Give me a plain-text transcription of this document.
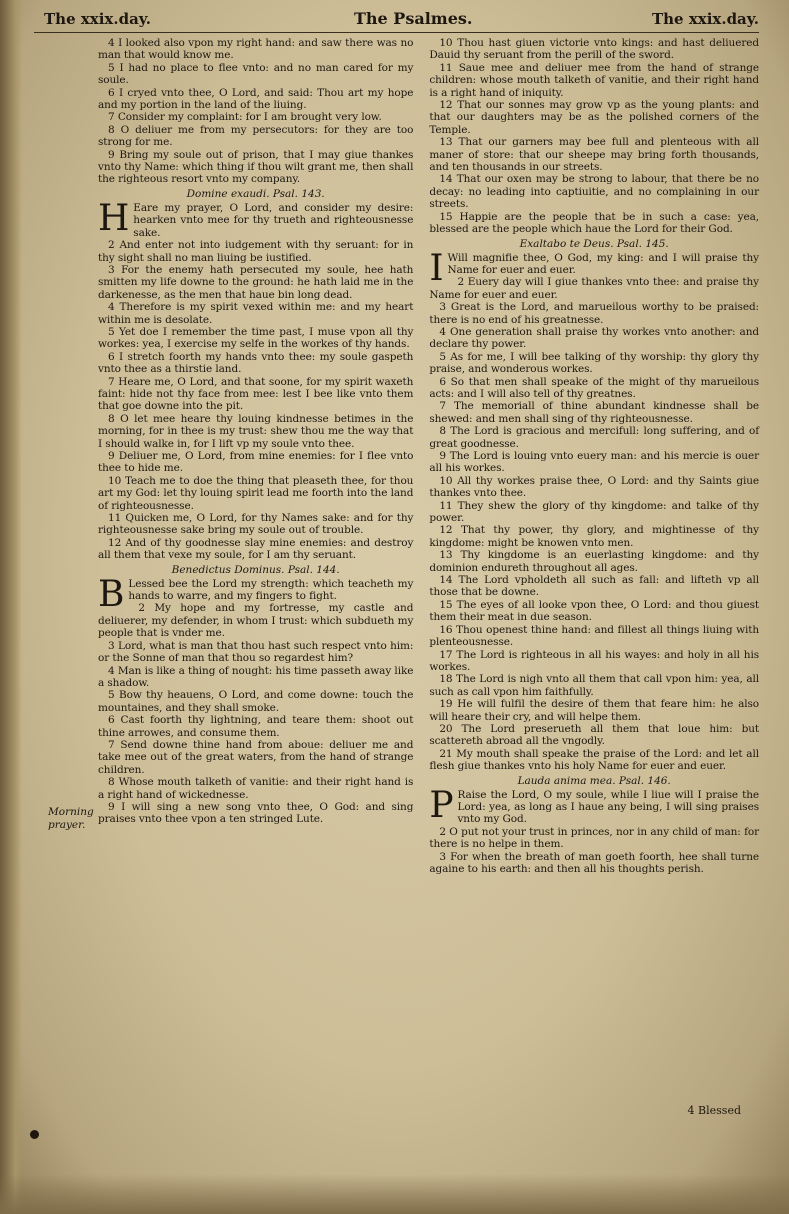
The xxix.day.	The Psalmes.	The xxix.day.
Morning prayer.

4 I looked also vpon my right hand: and saw there was no man that would know me.

5 I had no place to flee vnto: and no man cared for my soule.

6 I cryed vnto thee, O Lord, and said: Thou art my hope and my portion in the land of the liuing.

7 Consider my complaint: for I am brought very low.

8 O deliuer me from my persecutors: for they are too strong for me.

9 Bring my soule out of prison, that I may giue thankes vnto thy Name: which thing if thou wilt grant me, then shall the righteous resort vnto my company.

Domine exaudi. Psal. 143.

H Eare my prayer, O Lord, and consider my desire: hearken vnto mee for thy trueth and righteousnesse sake.

2 And enter not into iudgement with thy seruant: for in thy sight shall no man liuing be iustified.

3 For the enemy hath persecuted my soule, hee hath smitten my life downe to the ground: he hath laid me in the darkenesse, as the men that haue bin long dead.

4 Therefore is my spirit vexed within me: and my heart within me is desolate.

5 Yet doe I remember the time past, I muse vpon all thy workes: yea, I exercise my selfe in the workes of thy hands.

6 I stretch foorth my hands vnto thee: my soule gaspeth vnto thee as a thirstie land.

7 Heare me, O Lord, and that soone, for my spirit waxeth faint: hide not thy face from mee: lest I bee like vnto them that goe downe into the pit.

8 O let mee heare thy louing kindnesse betimes in the morning, for in thee is my trust: shew thou me the way that I should walke in, for I lift vp my soule vnto thee.

9 Deliuer me, O Lord, from mine enemies: for I flee vnto thee to hide me.

10 Teach me to doe the thing that pleaseth thee, for thou art my God: let thy louing spirit lead me foorth into the land of righteousnesse.

11 Quicken me, O Lord, for thy Names sake: and for thy righteousnesse sake bring my soule out of trouble.

12 And of thy goodnesse slay mine enemies: and destroy all them that vexe my soule, for I am thy seruant.

Benedictus Dominus. Psal. 144.

B Lessed bee the Lord my strength: which teacheth my hands to warre, and my fingers to fight.

2 My hope and my fortresse, my castle and deliuerer, my defender, in whom I trust: which subdueth my people that is vnder me.

3 Lord, what is man that thou hast such respect vnto him: or the Sonne of man that thou so regardest him?

4 Man is like a thing of nought: his time passeth away like a shadow.

5 Bow thy heauens, O Lord, and come downe: touch the mountaines, and they shall smoke.

6 Cast foorth thy lightning, and teare them: shoot out thine arrowes, and consume them.

7 Send downe thine hand from aboue: deliuer me and take mee out of the great waters, from the hand of strange children.

8 Whose mouth talketh of vanitie: and their right hand is a right hand of wickednesse.

9 I will sing a new song vnto thee, O God: and sing praises vnto thee vpon a ten stringed Lute.

10 Thou hast giuen victorie vnto kings: and hast deliuered Dauid thy seruant from the perill of the sword.

11 Saue mee and deliuer mee from the hand of strange children: whose mouth talketh of vanitie, and their right hand is a right hand of iniquity.

12 That our sonnes may grow vp as the young plants: and that our daughters may be as the polished corners of the Temple.

13 That our garners may bee full and plenteous with all maner of store: that our sheepe may bring forth thousands, and ten thousands in our streets.

14 That our oxen may be strong to labour, that there be no decay: no leading into captiuitie, and no complaining in our streets.

15 Happie are the people that be in such a case: yea, blessed are the people which haue the Lord for their God.

Exaltabo te Deus. Psal. 145.

I Will magnifie thee, O God, my king: and I will praise thy Name for euer and euer.

2 Euery day will I giue thankes vnto thee: and praise thy Name for euer and euer.

3 Great is the Lord, and marueilous worthy to be praised: there is no end of his greatnesse.

4 One generation shall praise thy workes vnto another: and declare thy power.

5 As for me, I will bee talking of thy worship: thy glory thy praise, and wonderous workes.

6 So that men shall speake of the might of thy marueilous acts: and I will also tell of thy greatnes.

7 The memoriall of thine abundant kindnesse shall be shewed: and men shall sing of thy righteousnesse.

8 The Lord is gracious and mercifull: long suffering, and of great goodnesse.

9 The Lord is louing vnto euery man: and his mercie is ouer all his workes.

10 All thy workes praise thee, O Lord: and thy Saints giue thankes vnto thee.

11 They shew the glory of thy kingdome: and talke of thy power.

12 That thy power, thy glory, and mightinesse of thy kingdome: might be knowen vnto men.

13 Thy kingdome is an euerlasting kingdome: and thy dominion endureth throughout all ages.

14 The Lord vpholdeth all such as fall: and lifteth vp all those that be downe.

15 The eyes of all looke vpon thee, O Lord: and thou giuest them their meat in due season.

16 Thou openest thine hand: and fillest all things liuing with plenteousnesse.

17 The Lord is righteous in all his wayes: and holy in all his workes.

18 The Lord is nigh vnto all them that call vpon him: yea, all such as call vpon him faithfully.

19 He will fulfil the desire of them that feare him: he also will heare their cry, and will helpe them.

20 The Lord preserueth all them that loue him: but scattereth abroad all the vngodly.

21 My mouth shall speake the praise of the Lord: and let all flesh giue thankes vnto his holy Name for euer and euer.

Lauda anima mea. Psal. 146.

P Raise the Lord, O my soule, while I liue will I praise the Lord: yea, as long as I haue any being, I will sing praises vnto my God.

2 O put not your trust in princes, nor in any child of man: for there is no helpe in them.

3 For when the breath of man goeth foorth, hee shall turne againe to his earth: and then all his thoughts perish.

4 Blessed
